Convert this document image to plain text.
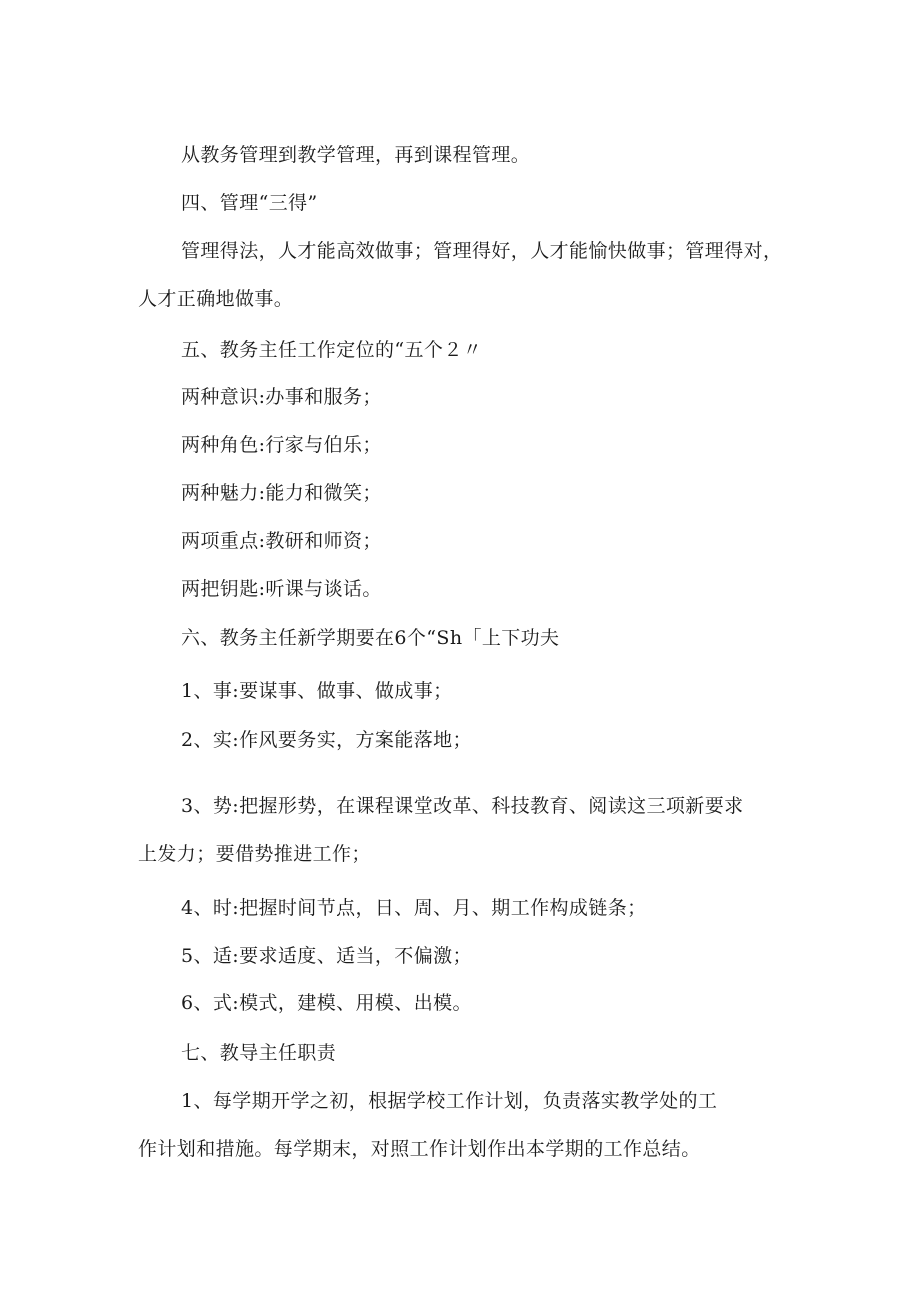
从教务管理到教学管理，再到课程管理。
四、管理“三得”
管理得法，人才能高效做事；管理得好，人才能愉快做事；管理得对，
人才正确地做事。
五、教务主任工作定位的“五个２〃
两种意识:办事和服务；
两种角色:行家与伯乐；
两种魅力:能力和微笑；
两项重点:教研和师资；
两把钥匙:听课与谈话。
六、教务主任新学期要在6个“Sh「上下功夫
1、事:要谋事、做事、做成事；
2、实:作风要务实，方案能落地；
3、势:把握形势，在课程课堂改革、科技教育、阅读这三项新要求
上发力；要借势推进工作；
4、时:把握时间节点，日、周、月、期工作构成链条；
5、适:要求适度、适当，不偏激；
6、式:模式，建模、用模、出模。
七、教导主任职责
1、每学期开学之初，根据学校工作计划，负责落实教学处的工
作计划和措施。每学期末，对照工作计划作出本学期的工作总结。
